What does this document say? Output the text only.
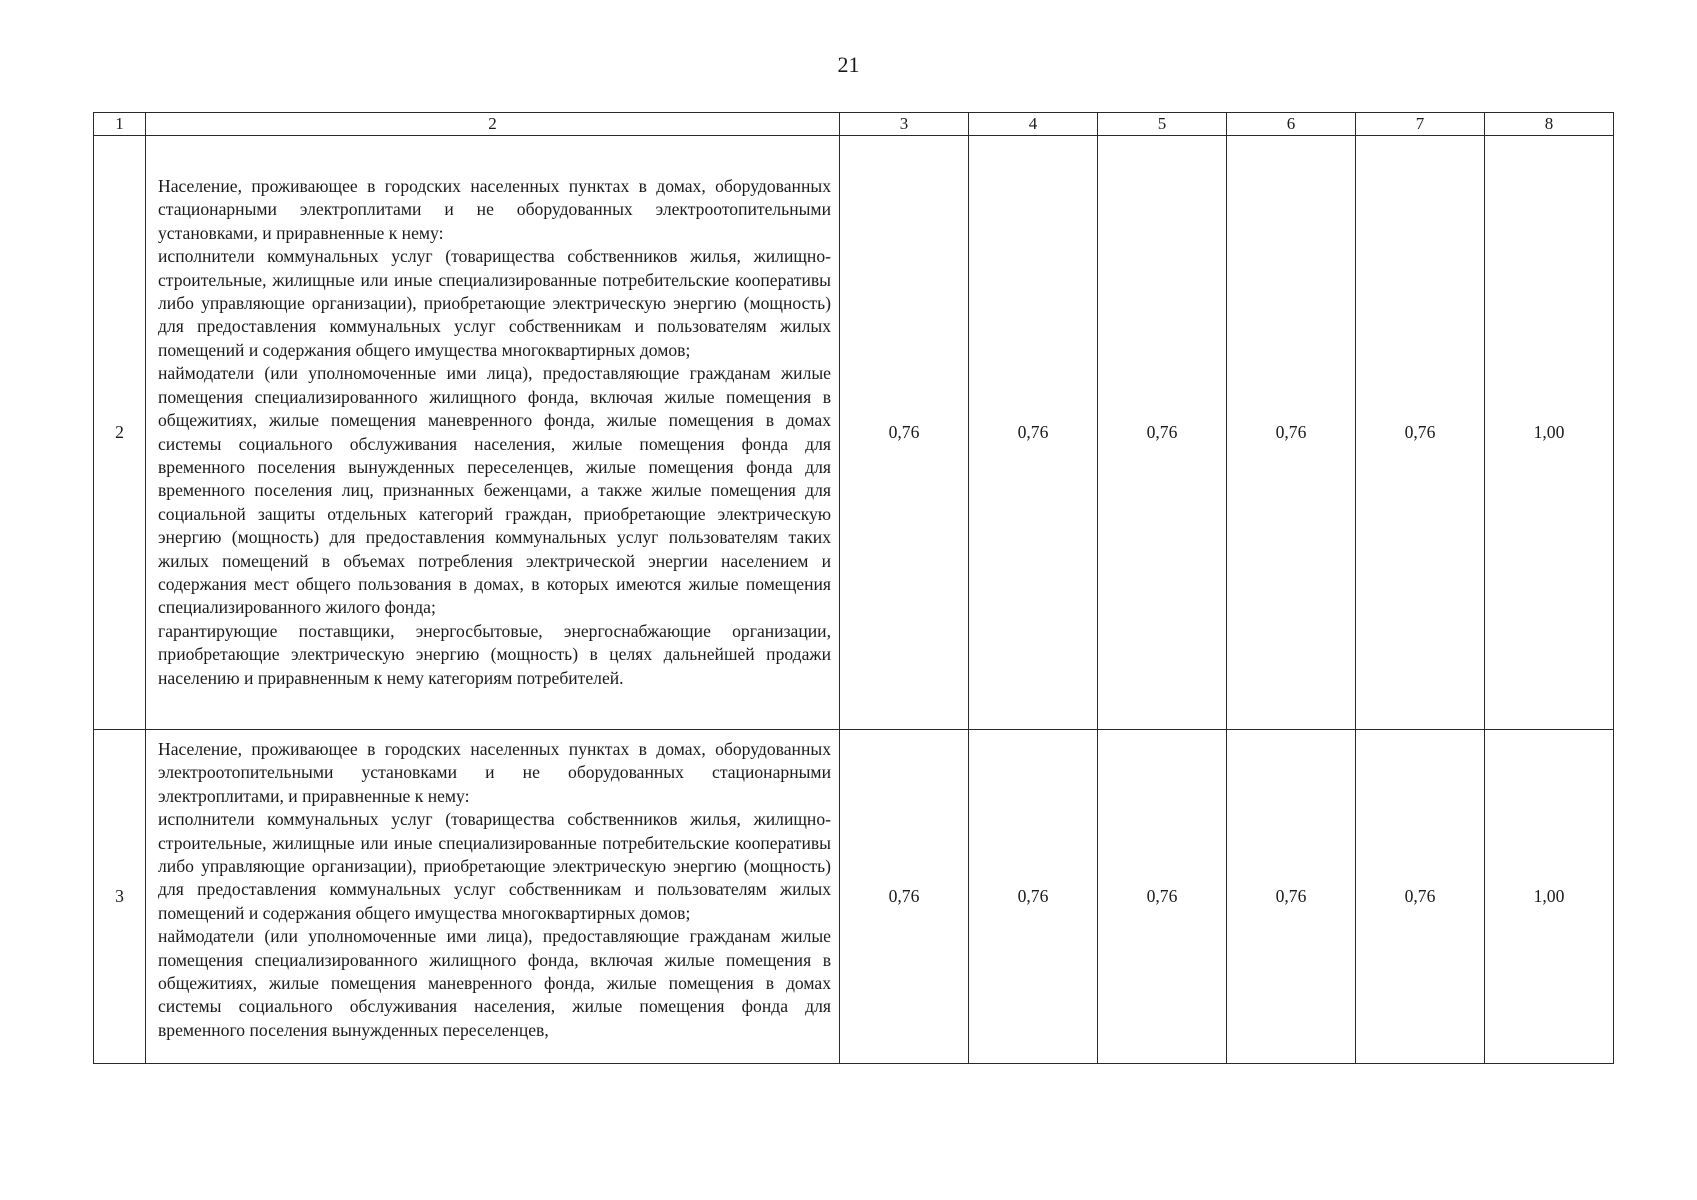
21
1	2	3	4	5	6	7	8
2	Население, проживающее в городских населенных пунктах в домах, оборудованных стационарными электроплитами и не оборудованных электроотопительными установками, и приравненные к нему:

исполнители коммунальных услуг (товарищества собственников жилья, жилищно-строительные, жилищные или иные специализированные потребительские кооперативы либо управляющие организации), приобретающие электрическую энергию (мощность) для предоставления коммунальных услуг собственникам и пользователям жилых помещений и содержания общего имущества многоквартирных домов;

наймодатели (или уполномоченные ими лица), предоставляющие гражданам жилые помещения специализированного жилищного фонда, включая жилые помещения в общежитиях, жилые помещения маневренного фонда, жилые помещения в домах системы социального обслуживания населения, жилые помещения фонда для временного поселения вынужденных переселенцев, жилые помещения фонда для временного поселения лиц, признанных беженцами, а также жилые помещения для социальной защиты отдельных категорий граждан, приобретающие электрическую энергию (мощность) для предоставления коммунальных услуг пользователям таких жилых помещений в объемах потребления электрической энергии населением и содержания мест общего пользования в домах, в которых имеются жилые помещения специализированного жилого фонда;

гарантирующие поставщики, энергосбытовые, энергоснабжающие организации, приобретающие электрическую энергию (мощность) в целях дальнейшей продажи населению и приравненным к нему категориям потребителей.	0,76	0,76	0,76	0,76	0,76	1,00
3	Население, проживающее в городских населенных пунктах в домах, оборудованных электроотопительными установками и не оборудованных стационарными электроплитами, и приравненные к нему:

исполнители коммунальных услуг (товарищества собственников жилья, жилищно-строительные, жилищные или иные специализированные потребительские кооперативы либо управляющие организации), приобретающие электрическую энергию (мощность) для предоставления коммунальных услуг собственникам и пользователям жилых помещений и содержания общего имущества многоквартирных домов;

наймодатели (или уполномоченные ими лица), предоставляющие гражданам жилые помещения специализированного жилищного фонда, включая жилые помещения в общежитиях, жилые помещения маневренного фонда, жилые помещения в домах системы социального обслуживания населения, жилые помещения фонда для временного поселения вынужденных переселенцев,	0,76	0,76	0,76	0,76	0,76	1,00
